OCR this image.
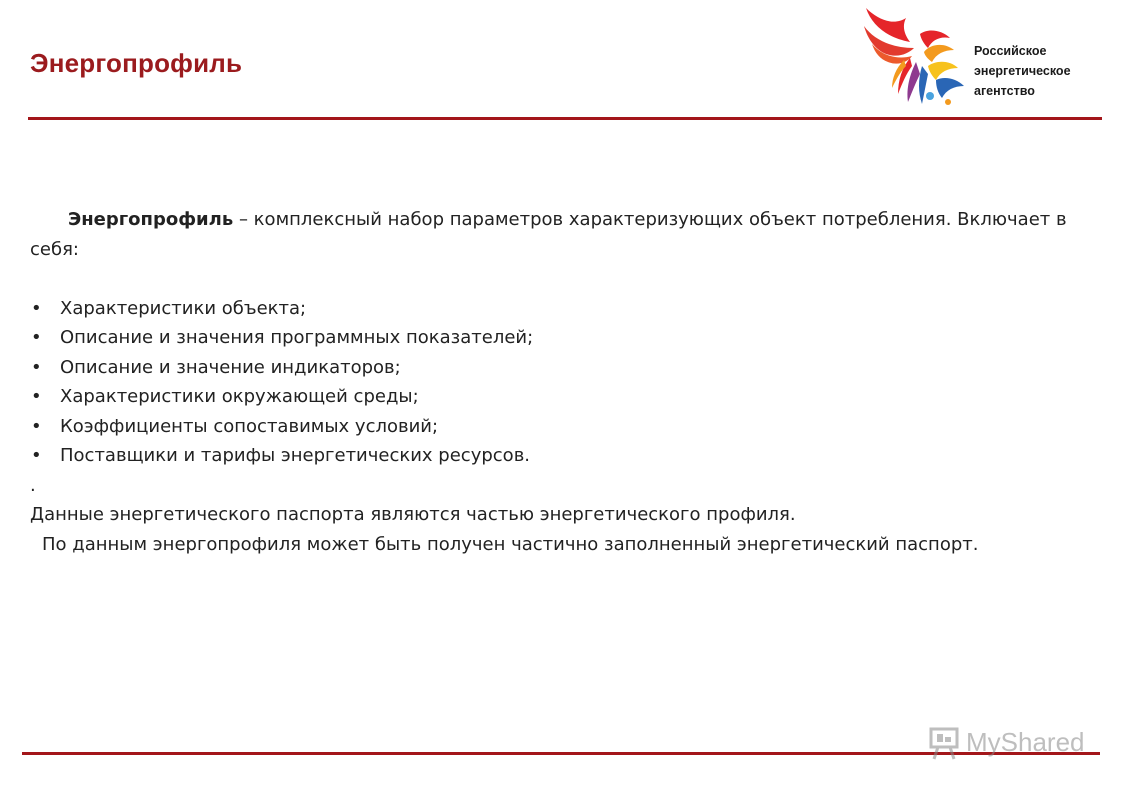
Энергопрофиль	Российское
энергетическое
агентство

Энергопрофиль – комплексный набор параметров характеризующих объект потребления. Включает в себя:

• Характеристики объекта;
• Описание и значения программных показателей;
• Описание и значение индикаторов;
• Характеристики окружающей среды;
• Коэффициенты сопоставимых условий;
• Поставщики и тарифы энергетических ресурсов.

.

Данные энергетического паспорта являются частью энергетического профиля.

По данным энергопрофиля может быть получен частично заполненный энергетический паспорт.

MyShared
